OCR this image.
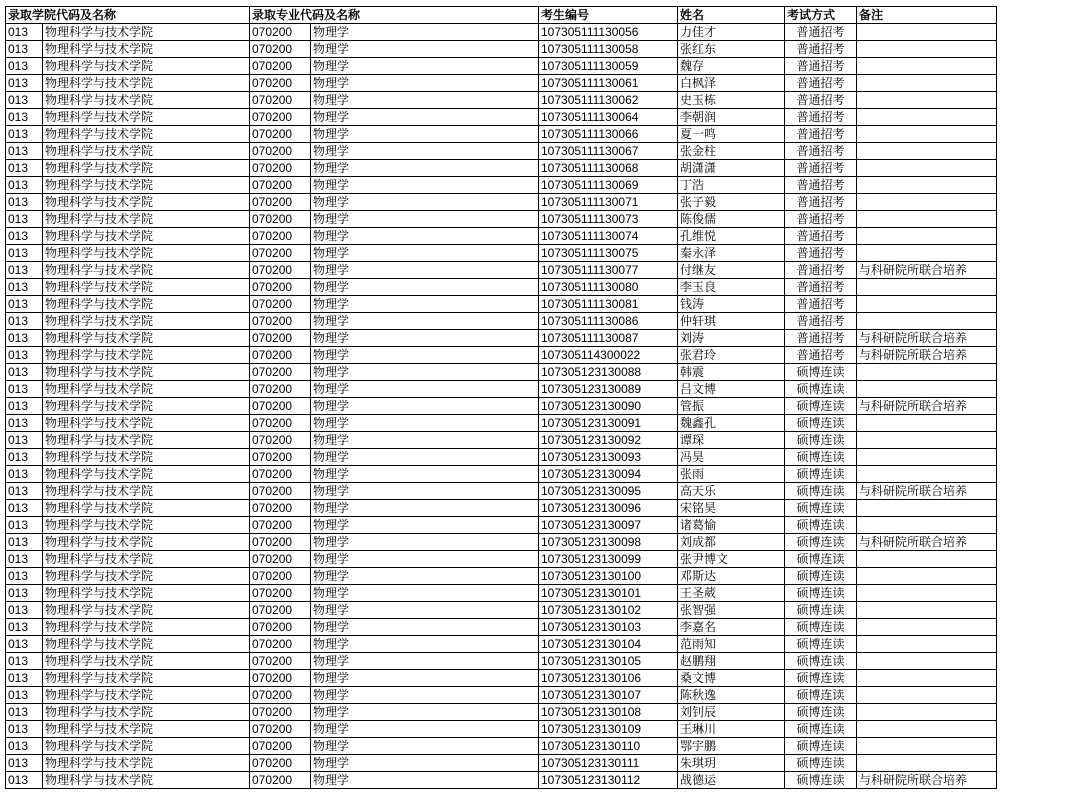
录取学院代码及名称		录取专业代码及名称		考生编号	姓名	考试方式	备注
013	物理科学与技术学院	070200	物理学	107305111130056	力佳才	普通招考	
013	物理科学与技术学院	070200	物理学	107305111130058	张红东	普通招考	
013	物理科学与技术学院	070200	物理学	107305111130059	魏存	普通招考	
013	物理科学与技术学院	070200	物理学	107305111130061	白枫泽	普通招考	
013	物理科学与技术学院	070200	物理学	107305111130062	史玉栋	普通招考	
013	物理科学与技术学院	070200	物理学	107305111130064	李朝润	普通招考	
013	物理科学与技术学院	070200	物理学	107305111130066	夏一鸣	普通招考	
013	物理科学与技术学院	070200	物理学	107305111130067	张金柱	普通招考	
013	物理科学与技术学院	070200	物理学	107305111130068	胡潇潇	普通招考	
013	物理科学与技术学院	070200	物理学	107305111130069	丁浩	普通招考	
013	物理科学与技术学院	070200	物理学	107305111130071	张子毅	普通招考	
013	物理科学与技术学院	070200	物理学	107305111130073	陈俊儒	普通招考	
013	物理科学与技术学院	070200	物理学	107305111130074	孔维悦	普通招考	
013	物理科学与技术学院	070200	物理学	107305111130075	秦永泽	普通招考	
013	物理科学与技术学院	070200	物理学	107305111130077	付继友	普通招考	与科研院所联合培养
013	物理科学与技术学院	070200	物理学	107305111130080	李玉良	普通招考	
013	物理科学与技术学院	070200	物理学	107305111130081	钱涛	普通招考	
013	物理科学与技术学院	070200	物理学	107305111130086	仲轩琪	普通招考	
013	物理科学与技术学院	070200	物理学	107305111130087	刘涛	普通招考	与科研院所联合培养
013	物理科学与技术学院	070200	物理学	107305114300022	张君玲	普通招考	与科研院所联合培养
013	物理科学与技术学院	070200	物理学	107305123130088	韩震	硕博连读	
013	物理科学与技术学院	070200	物理学	107305123130089	吕文博	硕博连读	
013	物理科学与技术学院	070200	物理学	107305123130090	管振	硕博连读	与科研院所联合培养
013	物理科学与技术学院	070200	物理学	107305123130091	魏鑫孔	硕博连读	
013	物理科学与技术学院	070200	物理学	107305123130092	谭琛	硕博连读	
013	物理科学与技术学院	070200	物理学	107305123130093	冯昊	硕博连读	
013	物理科学与技术学院	070200	物理学	107305123130094	张雨	硕博连读	
013	物理科学与技术学院	070200	物理学	107305123130095	高天乐	硕博连读	与科研院所联合培养
013	物理科学与技术学院	070200	物理学	107305123130096	宋铭昊	硕博连读	
013	物理科学与技术学院	070200	物理学	107305123130097	诸葛愉	硕博连读	
013	物理科学与技术学院	070200	物理学	107305123130098	刘成都	硕博连读	与科研院所联合培养
013	物理科学与技术学院	070200	物理学	107305123130099	张尹博文	硕博连读	
013	物理科学与技术学院	070200	物理学	107305123130100	邓斯达	硕博连读	
013	物理科学与技术学院	070200	物理学	107305123130101	王圣葳	硕博连读	
013	物理科学与技术学院	070200	物理学	107305123130102	张智强	硕博连读	
013	物理科学与技术学院	070200	物理学	107305123130103	李嘉名	硕博连读	
013	物理科学与技术学院	070200	物理学	107305123130104	范雨知	硕博连读	
013	物理科学与技术学院	070200	物理学	107305123130105	赵鹏翔	硕博连读	
013	物理科学与技术学院	070200	物理学	107305123130106	桑文博	硕博连读	
013	物理科学与技术学院	070200	物理学	107305123130107	陈秋逸	硕博连读	
013	物理科学与技术学院	070200	物理学	107305123130108	刘钊辰	硕博连读	
013	物理科学与技术学院	070200	物理学	107305123130109	王琳川	硕博连读	
013	物理科学与技术学院	070200	物理学	107305123130110	鄂宇鹏	硕博连读	
013	物理科学与技术学院	070200	物理学	107305123130111	朱琪玥	硕博连读	
013	物理科学与技术学院	070200	物理学	107305123130112	战德运	硕博连读	与科研院所联合培养
